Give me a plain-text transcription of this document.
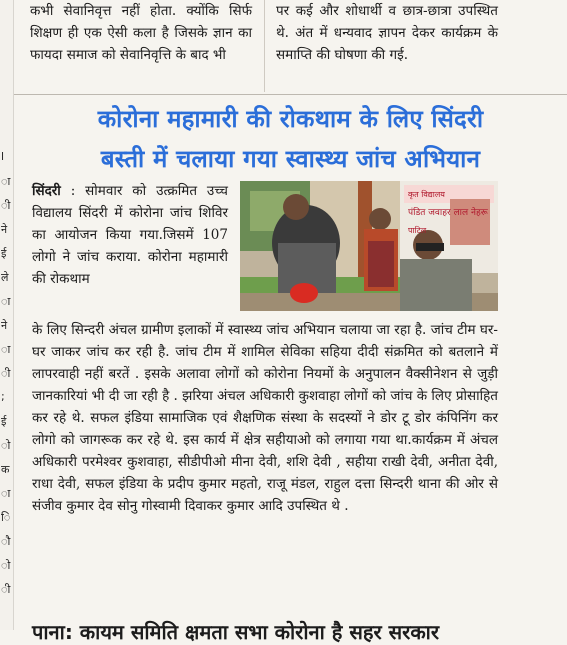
l
ा
ी
ने
ई
ले
ा
ने
ा
ी
;
ई
ो
क
ा
ि
ौ
ो
ी
कभी सेवानिवृत्त नहीं होता. क्योंकि सिर्फ शिक्षण ही एक ऐसी कला है जिसके ज्ञान का फायदा समाज को सेवानिवृत्ति के बाद भी
पर कई और शोधार्थी व छात्र-छात्रा उपस्थित थे. अंत में धन्यवाद ज्ञापन देकर कार्यक्रम के समाप्ति की घोषणा की गई.
कोरोना महामारी की रोकथाम के लिए सिंदरी
बस्ती में चलाया गया स्वास्थ्य जांच अभियान
सिंदरी : सोमवार को उत्क्रमित उच्च विद्यालय सिंदरी में कोरोना जांच शिविर का आयोजन किया गया.जिसमें 107 लोगो ने जांच कराया. कोरोना महामारी की रोकथाम
कृत विद्यालय
पंडित जवाहर लाल नेहरू
पाटिल
के लिए सिन्दरी अंचल ग्रामीण इलाकों में स्वास्थ्य जांच अभियान चलाया जा रहा है. जांच टीम घर-घर जाकर जांच कर रही है. जांच टीम में शामिल सेविका सहिया दीदी संक्रमित को बतलाने में लापरवाही नहीं बरतें . इसके अलावा लोगों को कोरोना नियमों के अनुपालन वैक्सीनेशन से जुड़ी जानकारियां भी दी जा रही है . झरिया अंचल अधिकारी कुशवाहा लोगों को जांच के लिए प्रोसाहित कर रहे थे. सफल इंडिया सामाजिक एवं शैक्षणिक संस्था के सदस्यों ने डोर टू डोर कंपिनिंग कर लोगो को जागरूक कर रहे थे. इस कार्य में क्षेत्र सहीयाओ को लगाया गया था.कार्यक्रम में अंचल अधिकारी परमेश्वर कुशवाहा, सीडीपीओ मीना देवी, शशि देवी , सहीया राखी देवी, अनीता देवी, राधा देवी, सफल इंडिया के प्रदीप कुमार महतो, राजू मंडल, राहुल दत्ता सिन्दरी थाना की ओर से संजीव कुमार देव सोनु गोस्वामी दिवाकर कुमार आदि उपस्थित थे .
पाना: कायम समिति क्षमता सभा कोरोना है सहर सरकार
